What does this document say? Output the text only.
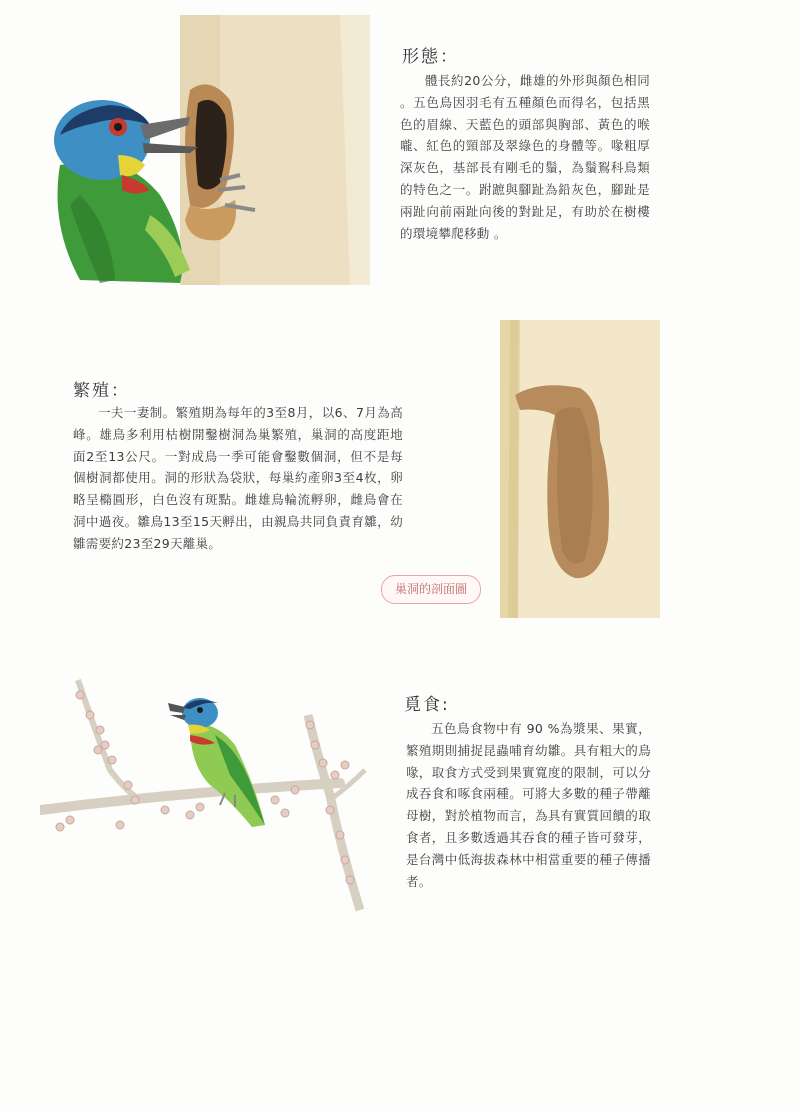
形態：
體長約20公分，雌雄的外形與顏色相同 。五色鳥因羽毛有五種顏色而得名，包括黑色的眉線、天藍色的頭部與胸部、黃色的喉嚨、紅色的頸部及翠綠色的身體等。喙粗厚深灰色，基部長有剛毛的鬚，為鬚鴷科鳥類的特色之一。跗蹠與腳趾為鉛灰色，腳趾是兩趾向前兩趾向後的對趾足，有助於在樹樓的環境攀爬移動 。
繁殖：
一夫一妻制。繁殖期為每年的3至8月，以6、7月為高峰。雄鳥多利用枯樹開鑿樹洞為巢繁殖，巢洞的高度距地面2至13公尺。一對成鳥一季可能會鑿數個洞，但不是每個樹洞都使用。洞的形狀為袋狀，每巢約產卵3至4枚，卵略呈橢圓形，白色沒有斑點。雌雄鳥輪流孵卵，雌鳥會在洞中過夜。雛鳥13至15天孵出，由親鳥共同負責育雛，幼雛需要約23至29天離巢。
巢洞的剖面圖
覓食:
五色鳥食物中有 90 %為漿果、果實，繁殖期則捕捉昆蟲哺育幼雛。具有粗大的鳥喙，取食方式受到果實寬度的限制，可以分成吞食和啄食兩種。可將大多數的種子帶離母樹，對於植物而言，為具有實質回饋的取食者，且多數透過其吞食的種子皆可發芽，是台灣中低海拔森林中相當重要的種子傳播者。
